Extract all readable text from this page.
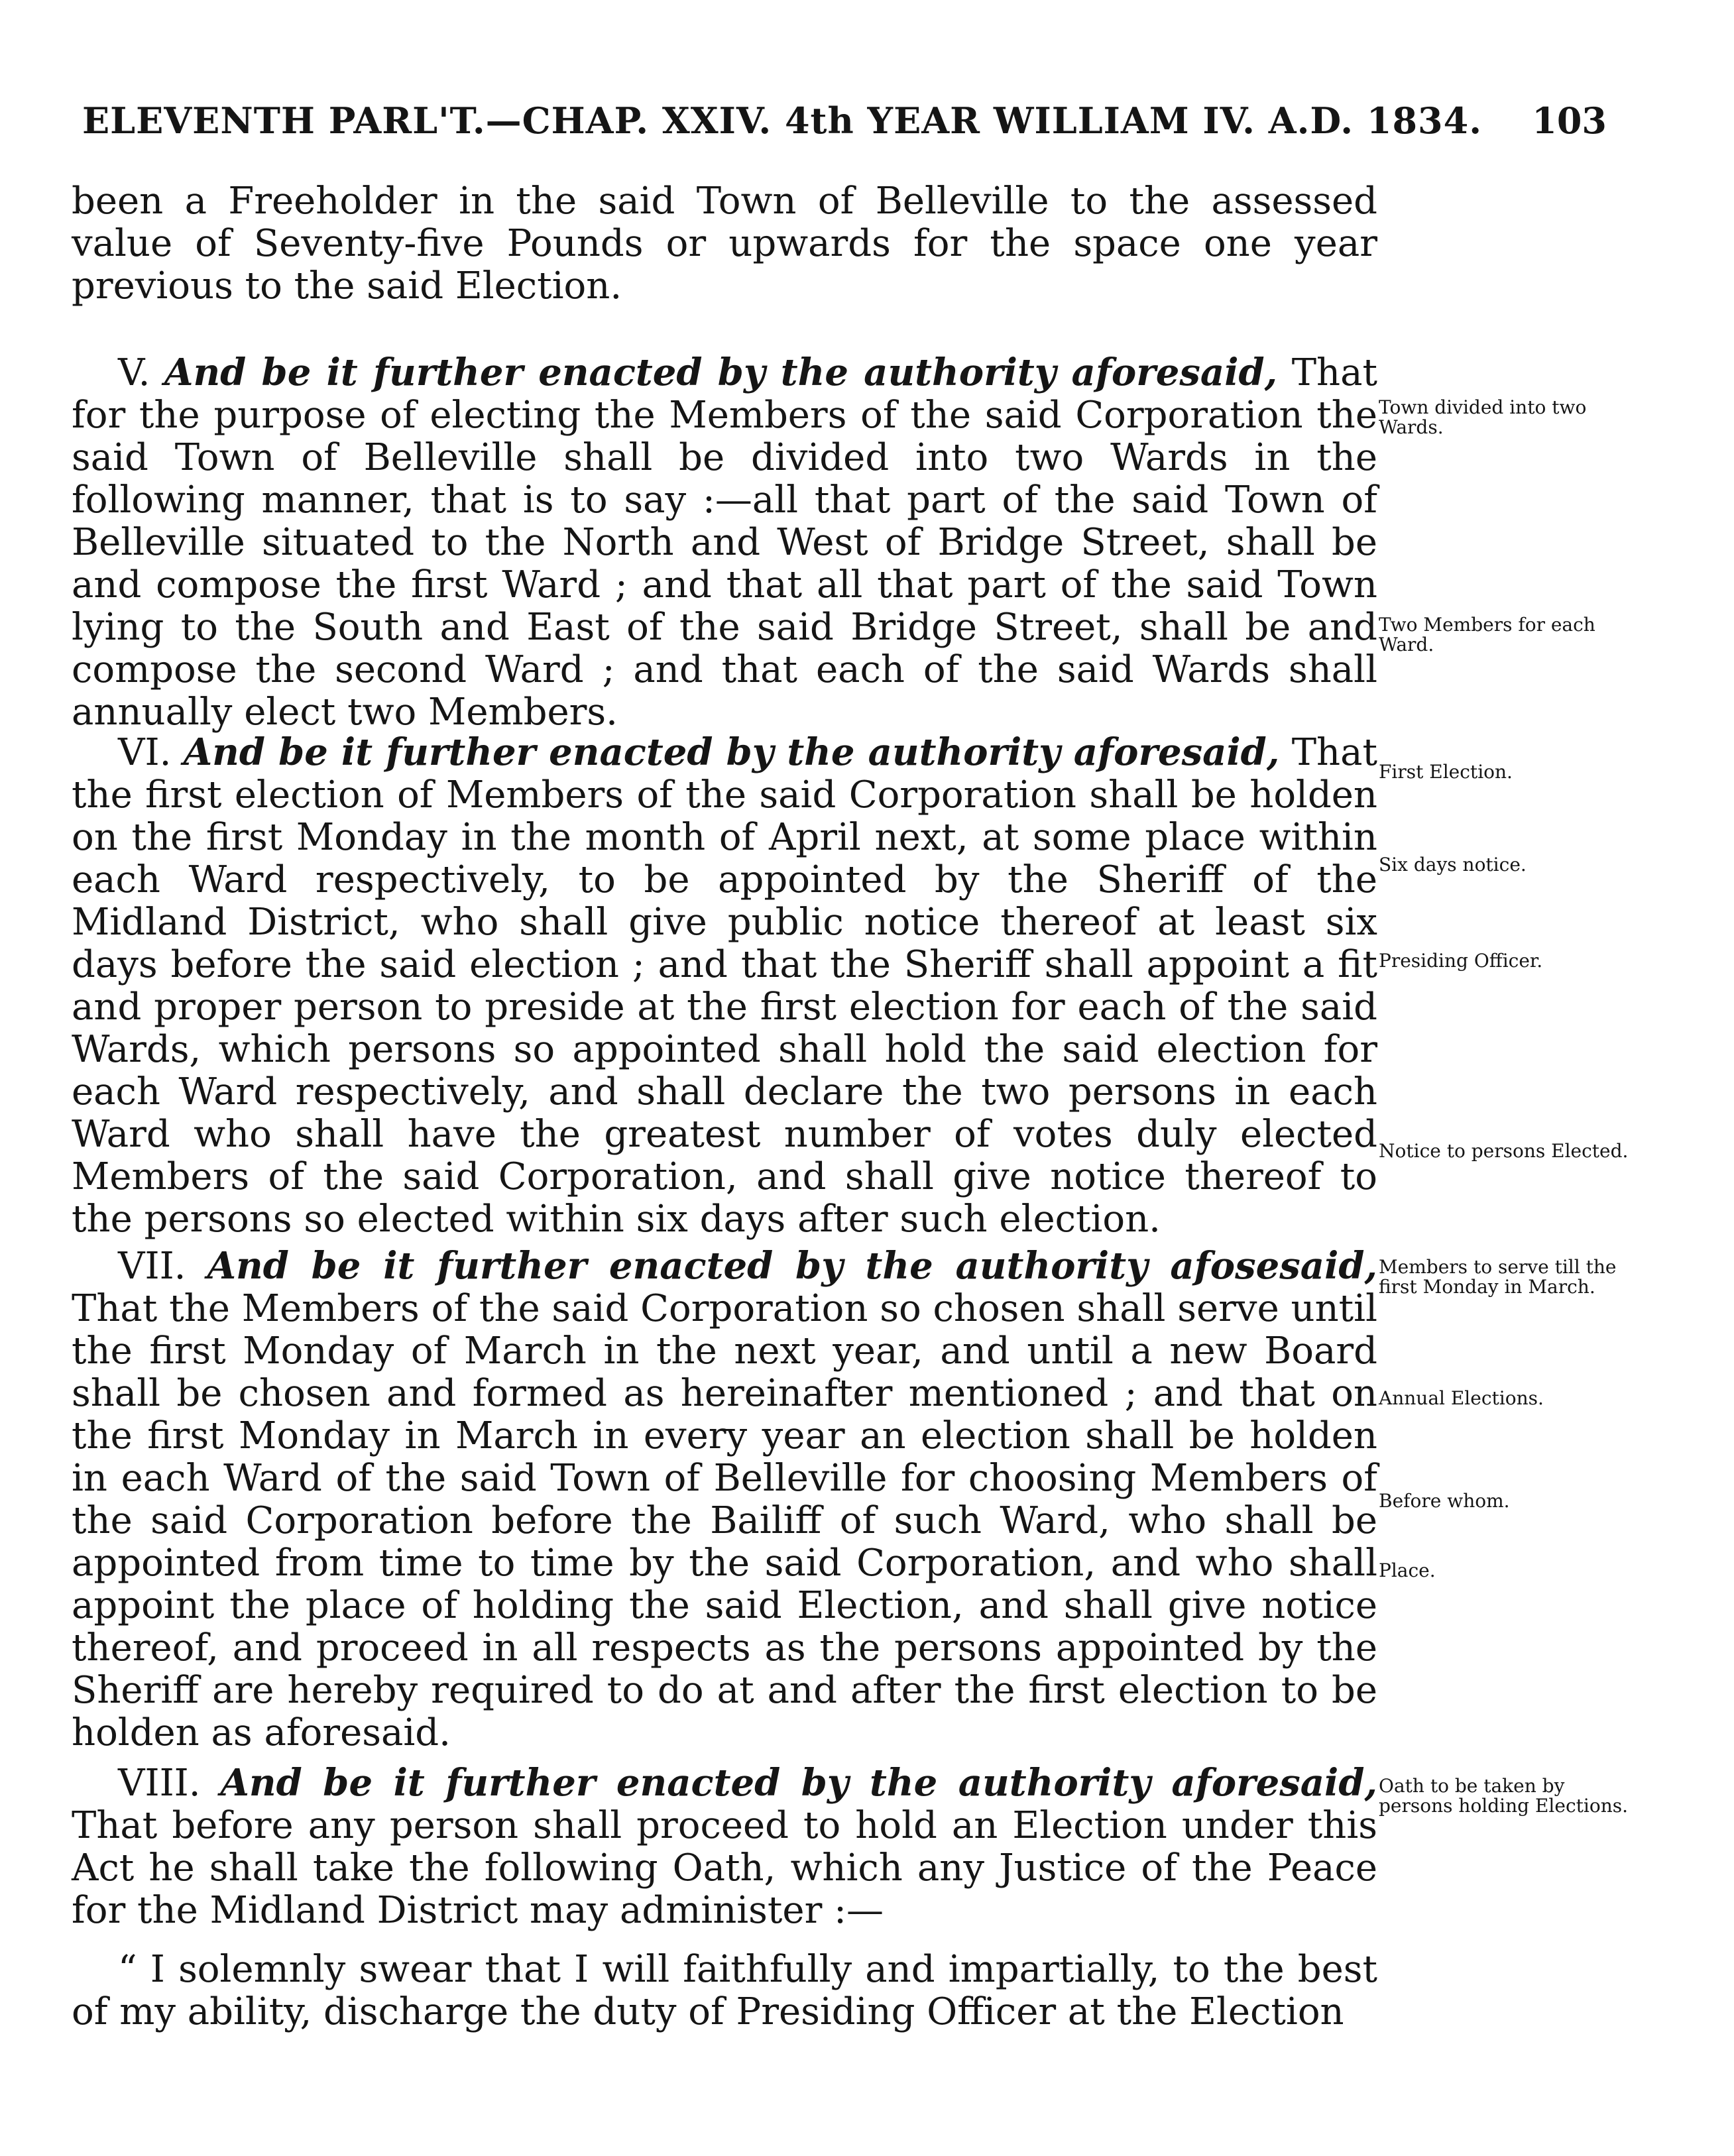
ELEVENTH PARL'T.—CHAP. XXIV. 4th YEAR WILLIAM IV. A.D. 1834. 103
been a Freeholder in the said Town of Belleville to the assessed value of Seventy-five Pounds or upwards for the space one year previous to the said Election.
V. And be it further enacted by the authority aforesaid, That for the purpose of electing the Members of the said Corporation the said Town of Belleville shall be divided into two Wards in the following manner, that is to say :—all that part of the said Town of Belleville situated to the North and West of Bridge Street, shall be and compose the first Ward ; and that all that part of the said Town lying to the South and East of the said Bridge Street, shall be and compose the second Ward ; and that each of the said Wards shall annually elect two Members.
VI. And be it further enacted by the authority aforesaid, That the first election of Members of the said Corporation shall be holden on the first Monday in the month of April next, at some place within each Ward respectively, to be appointed by the Sheriff of the Midland District, who shall give public notice thereof at least six days before the said election ; and that the Sheriff shall appoint a fit and proper person to preside at the first election for each of the said Wards, which persons so appointed shall hold the said election for each Ward respectively, and shall declare the two persons in each Ward who shall have the greatest number of votes duly elected Members of the said Corporation, and shall give notice thereof to the persons so elected within six days after such election.
VII. And be it further enacted by the authority afosesaid, That the Members of the said Corporation so chosen shall serve until the first Monday of March in the next year, and until a new Board shall be chosen and formed as hereinafter mentioned ; and that on the first Monday in March in every year an election shall be holden in each Ward of the said Town of Belleville for choosing Members of the said Corporation before the Bailiff of such Ward, who shall be appointed from time to time by the said Corporation, and who shall appoint the place of holding the said Election, and shall give notice thereof, and proceed in all respects as the persons appointed by the Sheriff are hereby required to do at and after the first election to be holden as aforesaid.
VIII. And be it further enacted by the authority aforesaid, That before any person shall proceed to hold an Election under this Act he shall take the following Oath, which any Justice of the Peace for the Midland District may administer :—
“ I solemnly swear that I will faithfully and impartially, to the best of my ability, discharge the duty of Presiding Officer at the Election
Town divided into two Wards.
Two Members for each Ward.
First Election.
Six days notice.
Presiding Officer.
Notice to persons Elected.
Members to serve till the first Monday in March.
Annual Elections.
Before whom.
Place.
Oath to be taken by persons holding Elections.
